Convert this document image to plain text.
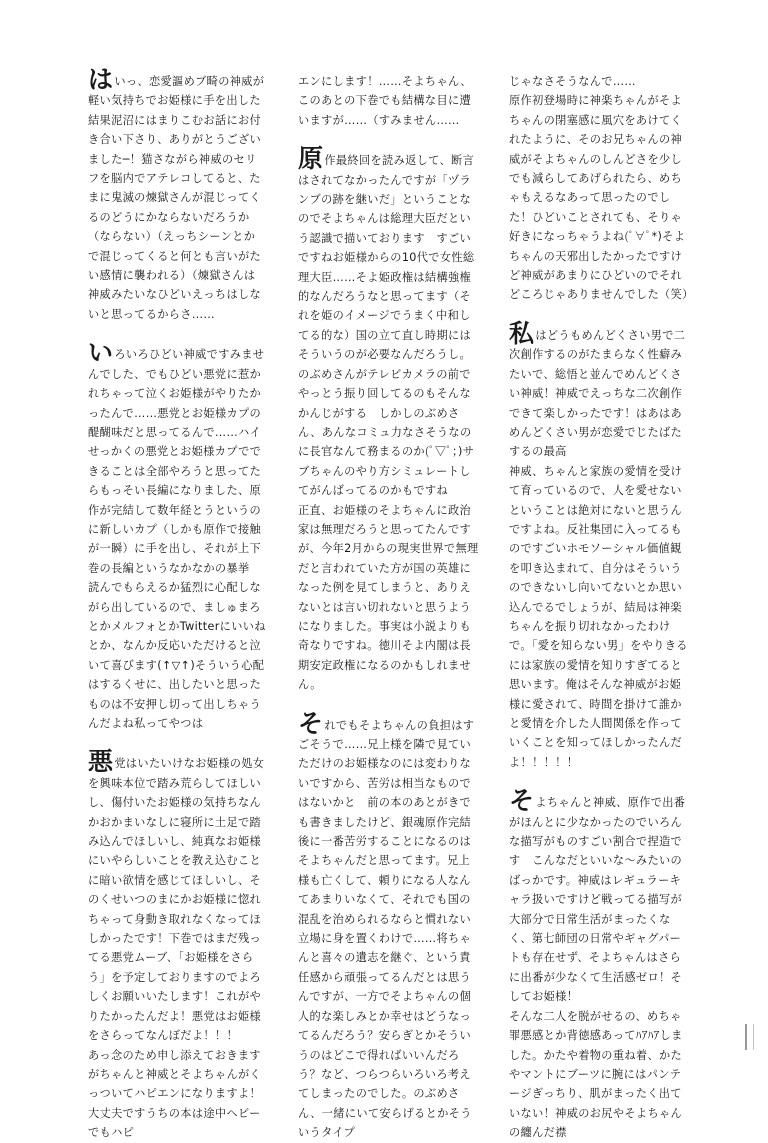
はいっ、恋愛謳めブ畸の神威が軽い気持ちでお姫様に手を出した結果泥沼にはまりこむお話にお付き合い下さり、ありがとうございました─！猫さながら神威のセリフを脳内でアテレコしてると、たまに鬼滅の煉獄さんが混じってくるのどうにかならないだろうか（ならない）（えっちシーンとかで混じってくると何とも言いがたい感情に襲われる）（煉獄さんは神威みたいなひどいえっちはしないと思ってるからさ……

いろいろひどい神威ですみませんでした、でもひどい悪党に惹かれちゃって泣くお姫様がやりたかったんで……悪党とお姫様カプの醍醐味だと思ってるんで……ハイ
せっかくの悪党とお姫様カプでできることは全部やろうと思ってたらもっそい長編になりました、原作が完結して数年経とうというのに新しいカプ（しかも原作で接触が一瞬）に手を出し、それが上下巻の長編というなかなかの暴挙　読んでもらえるか猛烈に心配しながら出しているので、ましゅまろとかメルフォとかTwitterにいいねとか、なんか反応いただけると泣いて喜びます(↑▽↑)そういう心配はするくせに、出したいと思ったものは不安押し切って出しちゃうんだよね私ってやつは

悪党はいたいけなお姫様の処女を興味本位で踏み荒らしてほしいし、傷付いたお姫様の気持ちなんかおかまいなしに寝所に土足で踏み込んでほしいし、純真なお姫様にいやらしいことを教え込むことに暗い欲情を感じてほしいし、そのくせいつのまにかお姫様に惚れちゃって身動き取れなくなってほしかったです！下巻ではまだ残ってる悪党ムーブ、「お姫様をさらう」を予定しておりますのでよろしくお願いいたします！これがやりたかったんだよ！悪党はお姫様をさらってなんぼだよ！！！
あっ念のため申し添えておきますがちゃんと神威とそよちゃんがくっついてハピエンになりますよ！大丈夫ですうちの本は途中ヘビーでもハピ

エンにします！……そよちゃん、このあとの下巻でも結構な目に遭いますが……（すみません……

原作最終回を読み返して、断言はされてなかったんですが「ヅランブの跡を継いだ」ということなのでそよちゃんは総理大臣だという認識で描いております　すごいですねお姫様からの10代で女性総理大臣……そよ姫政権は結構強権的なんだろうなと思ってます（それを姫のイメージでうまく中和してる的な）国の立て直し時期にはそういうのが必要なんだろうし。のぶめさんがテレビカメラの前でやっとう振り回してるのもそんなかんじがする　しかしのぶめさん、あんなコミュ力なさそうなのに長官なんて務まるのか(ﾟ▽ﾟ；)サブちゃんのやり方シミュレートしてがんばってるのかもですね
正直、お姫様のそよちゃんに政治家は無理だろうと思ってたんですが、今年2月からの現実世界で無理だと言われていた方が国の英雄になった例を見てしまうと、ありえないとは言い切れないと思うようになりました。事実は小説よりも奇なりですね。徳川そよ内閣は長期安定政権になるのかもしれません。

それでもそよちゃんの負担はすごそうで……兄上様を隣で見ていただけのお姫様なのには変わりないですから、苦労は相当なものではないかと　前の本のあとがきでも書きましたけど、銀魂原作完結後に一番苦労することになるのはそよちゃんだと思ってます。兄上様も亡くして、頼りになる人なんてあまりいなくて、それでも国の混乱を治められるならと慣れない立場に身を置くわけで……将ちゃんと喜々の遺志を継ぐ、という責任感から頑張ってるんだとは思うんですが、一方でそよちゃんの個人的な楽しみとか幸せはどうなってるんだろう？安らぎとかそういうのはどこで得ればいいんだろう？など、つらつらいろいろ考えてしまったのでした。のぶめさん、一緒にいて安らげるとかそういうタイプ

じゃなさそうなんで……
原作初登場時に神楽ちゃんがそよちゃんの閉塞感に風穴をあけてくれたように、そのお兄ちゃんの神威がそよちゃんのしんどさを少しでも減らしてあげられたら、めちゃもえるなあって思ったのでした！ひどいことされても、そりゃ好きになっちゃうよね(ﾟ∀ﾟ*)そよちゃんの天邪出したかったですけど神威があまりにひどいのでそれどころじゃありませんでした（笑）

私はどうもめんどくさい男で二次創作するのがたまらなく性癖みたいで、総悟と並んでめんどくさい神威！神威でえっちな二次創作できて楽しかったです！はあはあめんどくさい男が恋愛でじたばたするの最高
神威、ちゃんと家族の愛情を受けて育っているので、人を愛せないということは絶対にないと思うんですよね。反社集団に入ってるものですごいホモソーシャル価値観を叩き込まれて、自分はそういうのできないし向いてないとか思い込んでるでしょうが、結局は神楽ちゃんを振り切れなかったわけで。「愛を知らない男」をやりきるには家族の愛情を知りすぎてると思います。俺はそんな神威がお姫様に愛されて、時間を掛けて誰かと愛情を介した人間関係を作っていくことを知ってほしかったんだよ！！！！！

そよちゃんと神威、原作で出番がほんとに少なかったのでいろんな描写がものすごい割合で捏造です　こんなだといいな〜みたいのばっかです。神威はレギュラーキャラ扱いですけど戦ってる描写が大部分で日常生活がまったくなく、第七師団の日常やギャグパートも存在せず、そよちゃんはさらに出番が少なくて生活感ゼロ！そしてお姫様！
そんな二人を脱がせるの、めちゃ罪悪感とか背徳感あってﾊｱﾊｱしました。かたや着物の重ね着、かたやマントにブーツに腕にはパンテージぎっちり、肌がまったく出ていない！神威のお尻やそよちゃんの纏んだ襟
